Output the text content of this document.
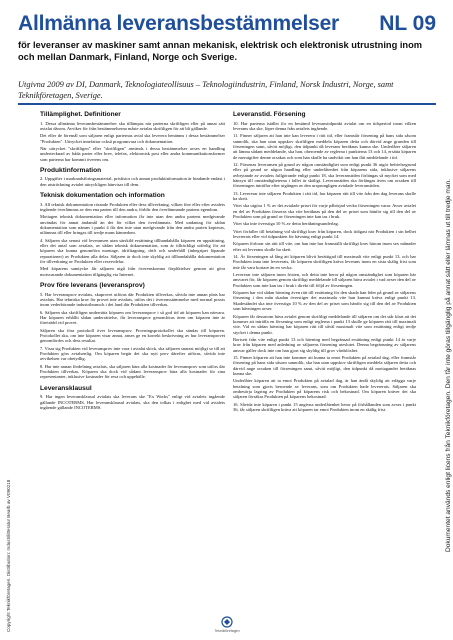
Allmänna leveransbestämmelser NL 09
för leveranser av maskiner samt annan mekanisk, elektrisk och elektronisk utrustning inom och mellan Danmark, Finland, Norge och Sverige.
Utgivna 2009 av DI, Danmark, Teknologiateollisuus – Teknologiindustrin, Finland, Norsk Industri, Norge, samt Teknikföretagen, Sverige.
Tillämplighet. Definitioner

1. Dessa allmänna leveransbestämmelser ska tillämpas när parterna skriftligen eller på annat sätt avtalat därom. Avviker för från bestämmelserna måste avtalas skriftligen för att bli gällande.

Det eller de föremål som säljaren enligt parternas avtal ska leverera benämns i dessa bestämmelser "Produkten". Uttrycket innefattar också programvara och dokumentation.

När uttrycket "skriftligen" eller "skriftligen" används i dessa bestämmelser avses en handling undertecknad av båda parter eller brev, telefax, elektronisk post eller andra kommunikationsformer som parterna har kommit överens om.

Produktinformation

2. Uppgifter i marknadsföringsmaterial, prislistor och annan produktinformation är bindande endast i den utsträckning avtalet uttryckligen hänvisar till dem.

Teknisk dokumentation och information

3. All teknisk dokumentation rörande Produkten eller dess tillverkning, vilken före eller efter avtalets ingående överlämnas av den ena parten till den andra, förblir den överlämnande partens egendom.

Mottagen teknisk dokumentation eller information får inte utan den andra partens medgivande användas för annat ändamål än det för vilket den överlämnats. Med undantag för sådan dokumentation som nämns i punkt 4 får den inte utan medgivande från den andra parten kopieras, utlämnas till eller bringas till tredje mans kännedom.

4. Säljaren ska senast vid leveransen utan särskild ersättning tillhandahålla köparen en uppsättning, eller det antal som avtalats, av sådan teknisk dokumentation, som är tillräckligt utförlig för att köparen ska kunna genomföra montage, idrifttagning, drift och underhåll (inbegripet löpande reparationer) av Produkten alla delar. Säljaren är dock inte skyldig att tillhandahålla dokumentation för tillverkning av Produkten eller reservdelar.

Med köparens samtycke får säljaren utgå från överenskomna förpliktelser genom att göra motsvarande dokumentation tillgänglig via Internet.

Prov före leverans (leveransprov)

5. Har leveransprov avtalats, skaprovet utföras där Produkten tillverkas, såvida inte annan plats har avtalats. Har tekniska krav för provet inte avtalats, utförs det i överensstämmelse med normal praxis inom vederbörande industribransch i det land där Produkten tillverkas.

6. Säljaren ska skriftligen underrätta köparen om leveransprov i så god tid att köparen kan närvara. Har köparen erhållit sådan underrättelse, får leveransprov genomföras även om köparen inte är företrädd vid provet.

Säljaren ska föra protokoll över leveransprov. Provningsprotokollet ska sändas till köparen. Protokollet ska, om inte köparen visar annat, anses ge en korrekt beskrivning av hur leveransprovet genomfördes och dess resultat.

7. Visar sig Produkten vid leveransprov inte vara i avtalat skick, ska säljaren snarast möjligt se till att Produkten görs avtalsenlig. Om köparen begär det ska nytt prov därefter utföras, såvida inte avvikelsen var obetydlig.

8. Har inte annan fördelning avtalats, ska säljaren bära alla kostnader för leveransprov som utförs där Produkten tillverkas. Köparen ska dock vid sådant leveransprov bära alla kostnader för sina representanter, inklusive kostnader för resa och uppehälle.

Leveransklausul

9. Har ingen leveransklausul avtalats ska leverans ske "Ex Works" enligt vid avtalets ingående gällande INCOTERMS. Har leveransklausul avtalats, ska den tolkas i enlighet med vid avtalets ingående gällande INCOTERMS.

Leveranstid. Försening

10. Har parterna istället för en bestämd leveranstidpunkt avtalat om en tidsperiod inom vilken leverans ska ske, löper denna från avtalets ingående.

11. Finner säljaren att han inte kan leverera i rätt tid, eller framstår försening på hans sida såsom sannolik, ska han utan uppskov skriftligen meddela köparen detta och därvid ange grunden till förseningen samt, såvitt möjligt, den tidpunkt då leverans beräknas kunna ske. Underlåter säljaren att lämna sådant meddelande, ska han, oberoende av reglerna i punkterna 13 och 14, ersätta köparen de merutgifter denne orsakas och som han skulle ha undvikit om han fått meddelande i tid.

12. Försenas leveransen på grund av någon omständighet som enligt punkt 36 utgör befrielsegrund eller på grund av någon handling eller underlåtenhet från köparens sida, inklusive säljarens avbrytande av avtalets fullgörande enligt punkt 18, ska leveranstiden förlängas så mycket som med hänsyn till omständigheterna i fallet är skäligt. Leveranstiden ska förlängas även om orsaken till förseningen inträffar efter utgången av den ursprungligen avtalade leveranstiden.

13. Levererar inte säljaren Produkten i rätt tid, har köparen rätt till vite från den dag leverans skulle ha skett.

Vitet ska utgöra 1 % av det avtalade priset för varje påbörjad vecka förseningen varar. Avser avtalet en del av Produkten förseras ska vite beräknas på den del av priset som hänför sig till den del av Produkten som på grund av förseningen inte kan tas i bruk.

Vitet ska inte överstiga 10 % av detta beräkningsunderlag.

Vitet förfaller till betalning vid skriftligt krav från köparen, dock tidigast när Produkten i sin helhet levererats eller vid tidpunkten för hävning enligt punkt 14.

Köparen förlorar sin rätt till vite, om han inte har framställt skriftligt krav härom inom sex månader efter att leverans skulle ha skett.

14. Är förseningen så lång att köparen blivit berättigad till maximalt vite enligt punkt 13, och har Produkten inna inte levererats, får köparen skriftligen kräva leverans inom en sista skälig frist som inte får vara kortare än en vecka.

Levererar inte säljaren inom fristen, och detta inte beror på någon omständighet som köparen bär ansvaret för, får köparen genom skriftligt meddelande till säljaren häva avtalet i vad avser den del av Produkten som inte kan tas i bruk i direkt till följd av förseningen.

Köparen har vid sådan hävning även rätt till ersättning för den skada han lider på grund av säljarens försening i den mån skadan överstiger det maximala vite han kunnat kräva enligt punkt 13. Skadeståndet ska inte överstiga 10 % av den del av priset som hänför sig till den del av Produkten som hävningen avser.

Köparen får dessutom häva avtalet genom skriftligt meddelande till säljaren om det står klart att det kommer att inträffa en försening som enligt reglerna i punkt 13 skulle ge köparen rätt till maximalt vite. Vid en sådan hävning har köparen rätt till såväl maximalt vite som ersättning enligt tredje stycket i denna punkt.

Bortsett från vite enligt punkt 13 och hävning med begränsad ersättning enligt punkt 14 är varje krav från köparen med anledning av säljarens försening uteslutet. Denna begränsning av säljarens ansvar gäller dock inte om han gjort sig skyldig till grov vårdslöshet.

15. Finner köparen att han inte kommer att kunna ta emot Produkten på avtalad dag, eller framstår försening på hans sida såsom sannolik, ska han utan uppskov skriftligen meddela säljaren detta och därvid ange orsaken till förseningen samt, såvitt möjligt, den tidpunkt då mottagandet beräknas kunna ske.

Underlåter köparen att ta emot Produkten på avtalad dag, är han ändå skyldig att erlägga varje betalning som gjorts beroende av leverans, som om Produkten hade levererats. Säljaren ska ombesörja lagring av Produkten på köparens risk och bekostnad. Om köparen kräver det ska säljaren försäkra Produkten på köparens bekostnad.

16. Såvida inte köparen i punkt 15 angivna underlåtenhet beror på förhållanden som avses i punkt 36, får säljaren skriftligen kräva att köparen tar emot Produkten inom en skälig frist.

Copyright Teknikföretagen. Distribution: Industrilitteratur Bearb av V090218
Dokumentet används enligt licens från Teknikföretagen. Den får inte göras tillgänglig på annat sätt eller lämnas ut till tredje man.
Teknikföretagen
